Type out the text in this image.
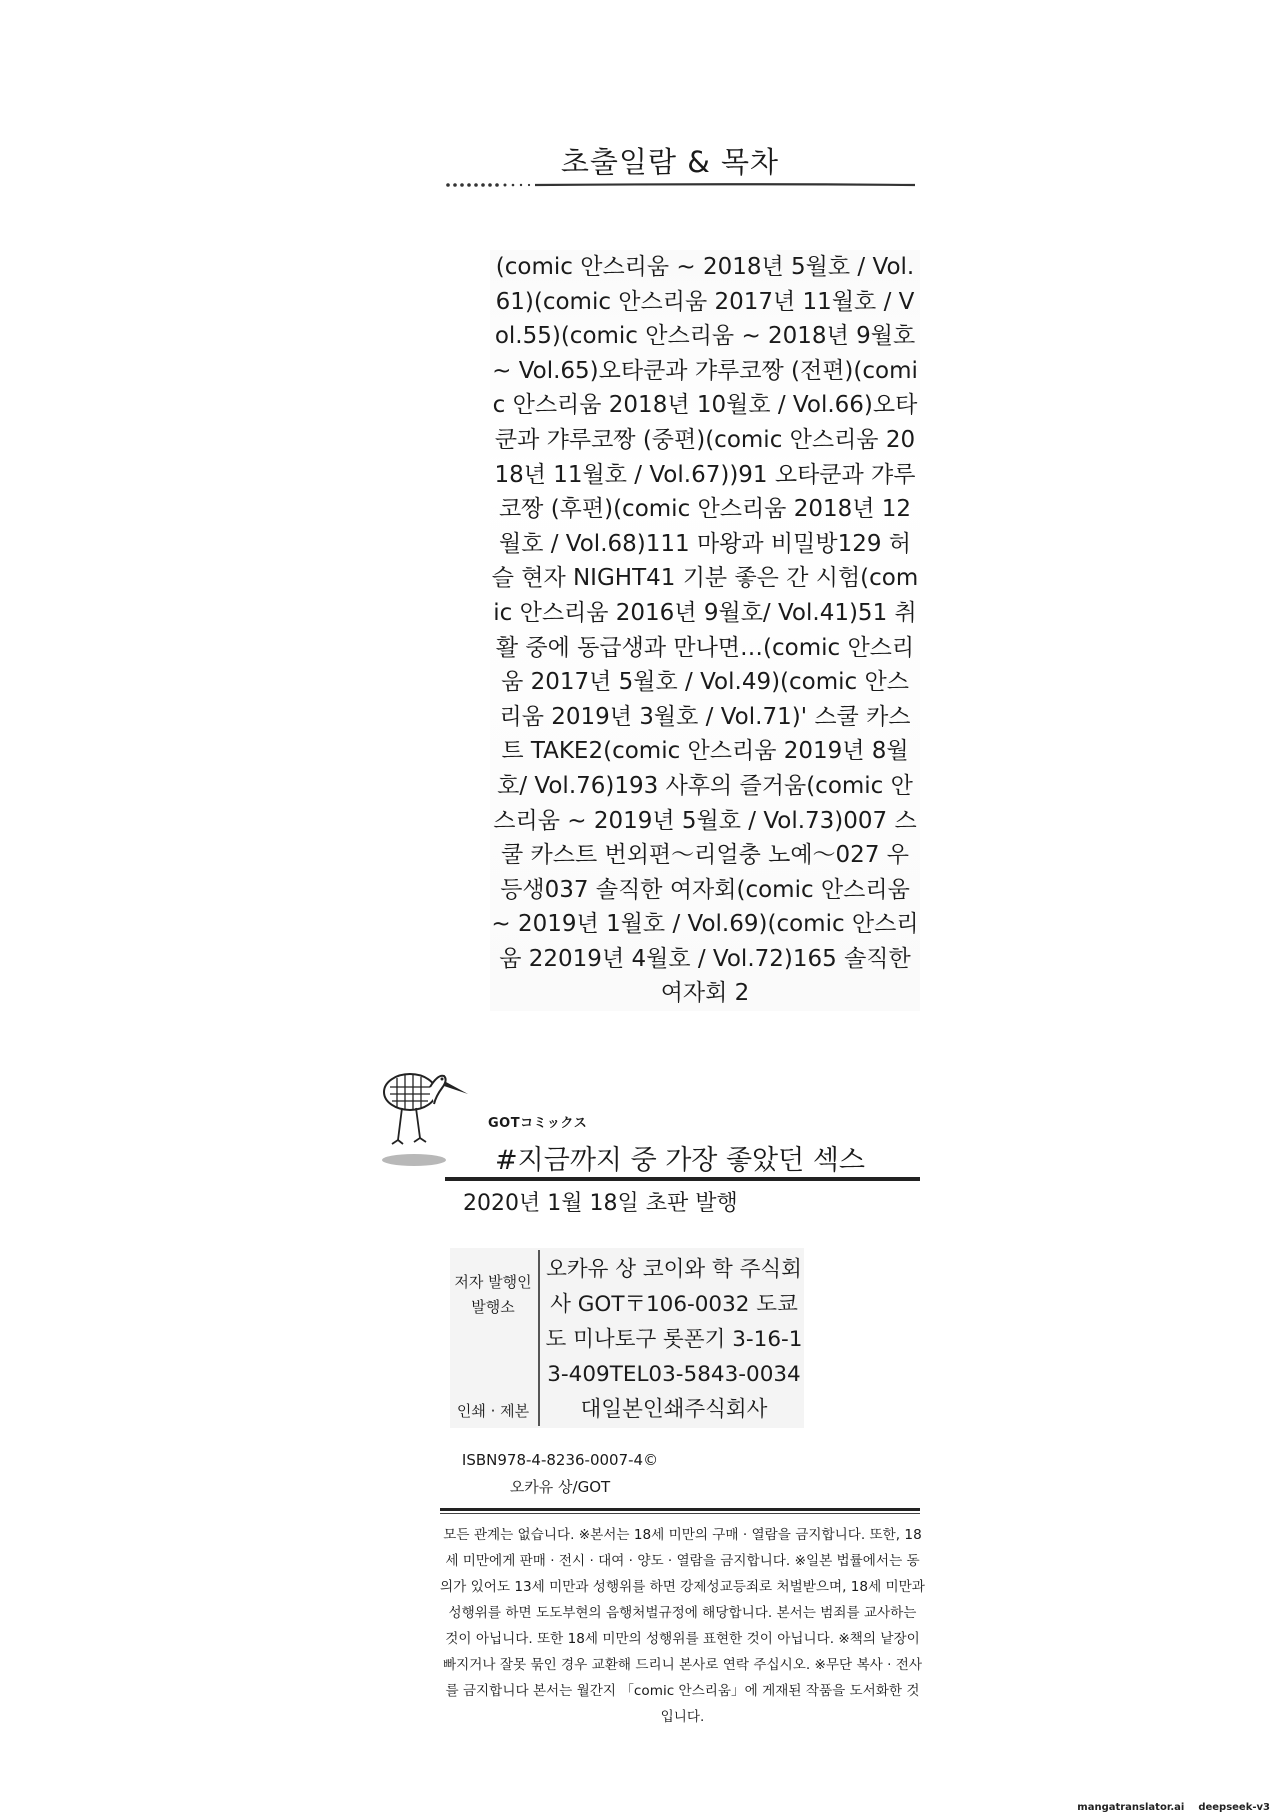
초출일람 & 목차
(comic 안스리움 ~ 2018년 5월호 / Vol.61)(comic 안스리움 2017년 11월호 / Vol.55)(comic 안스리움 ~ 2018년 9월호 ~ Vol.65)오타쿤과 갸루코짱 (전편)(comic 안스리움 2018년 10월호 / Vol.66)오타쿤과 갸루코짱 (중편)(comic 안스리움 2018년 11월호 / Vol.67))91 오타쿤과 갸루코짱 (후편)(comic 안스리움 2018년 12월호 / Vol.68)111 마왕과 비밀방129 허슬 현자 NIGHT41 기분 좋은 간 시험(comic 안스리움 2016년 9월호/ Vol.41)51 취활 중에 동급생과 만나면…(comic 안스리움 2017년 5월호 / Vol.49)(comic 안스리움 2019년 3월호 / Vol.71)' 스쿨 카스트 TAKE2(comic 안스리움 2019년 8월호/ Vol.76)193 사후의 즐거움(comic 안스리움 ~ 2019년 5월호 / Vol.73)007 스쿨 카스트 번외편〜리얼충 노예〜027 우등생037 솔직한 여자회(comic 안스리움 ~ 2019년 1월호 / Vol.69)(comic 안스리움 22019년 4월호 / Vol.72)165 솔직한 여자회 2
GOTコミックス
#지금까지 중 가장 좋았던 섹스
2020년 1월 18일 초판 발행
저자 발행인
발행소
인쇄 · 제본
오카유 상 코이와 학 주식회사 GOT〒106-0032 도쿄도 미나토구 롯폰기 3-16-13-409TEL03-5843-0034 대일본인쇄주식회사
ISBN978-4-8236-0007-4©
오카유 상/GOT
모든 관계는 없습니다. ※본서는 18세 미만의 구매 · 열람을 금지합니다. 또한, 18세 미만에게 판매 · 전시 · 대여 · 양도 · 열람을 금지합니다. ※일본 법률에서는 동의가 있어도 13세 미만과 성행위를 하면 강제성교등죄로 처벌받으며, 18세 미만과 성행위를 하면 도도부현의 음행처벌규정에 해당합니다. 본서는 범죄를 교사하는 것이 아닙니다. 또한 18세 미만의 성행위를 표현한 것이 아닙니다. ※책의 낱장이 빠지거나 잘못 묶인 경우 교환해 드리니 본사로 연락 주십시오. ※무단 복사 · 전사를 금지합니다 본서는 월간지 「comic 안스리움」에 게재된 작품을 도서화한 것입니다.
mangatranslator.ai deepseek-v3
